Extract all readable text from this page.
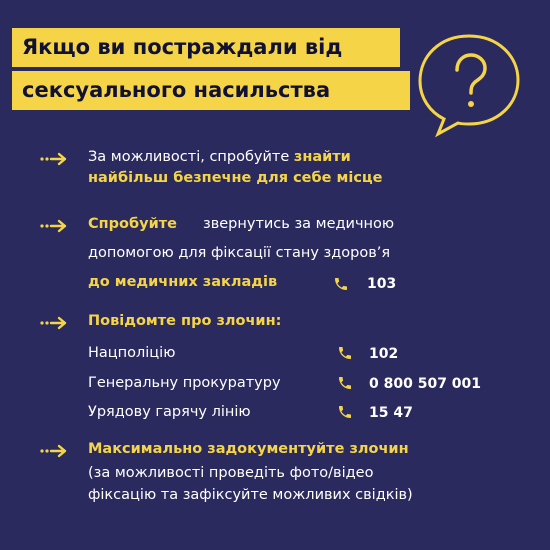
Якщо ви постраждали від
сексуального насильства
За можливості, спробуйте знайти
найбільш безпечне для себе місце
Спробуйте звернутись за медичною
допомогою для фіксації стану здоров’я
до медичних закладів	103
Повідомте про злочин:
Нацполіцію	102
Генеральну прокуратуру	0 800 507 001
Урядову гарячу лінію	15 47
Максимально задокументуйте злочин
(за можливості проведіть фото/відео
фіксацію та зафіксуйте можливих свідків)
